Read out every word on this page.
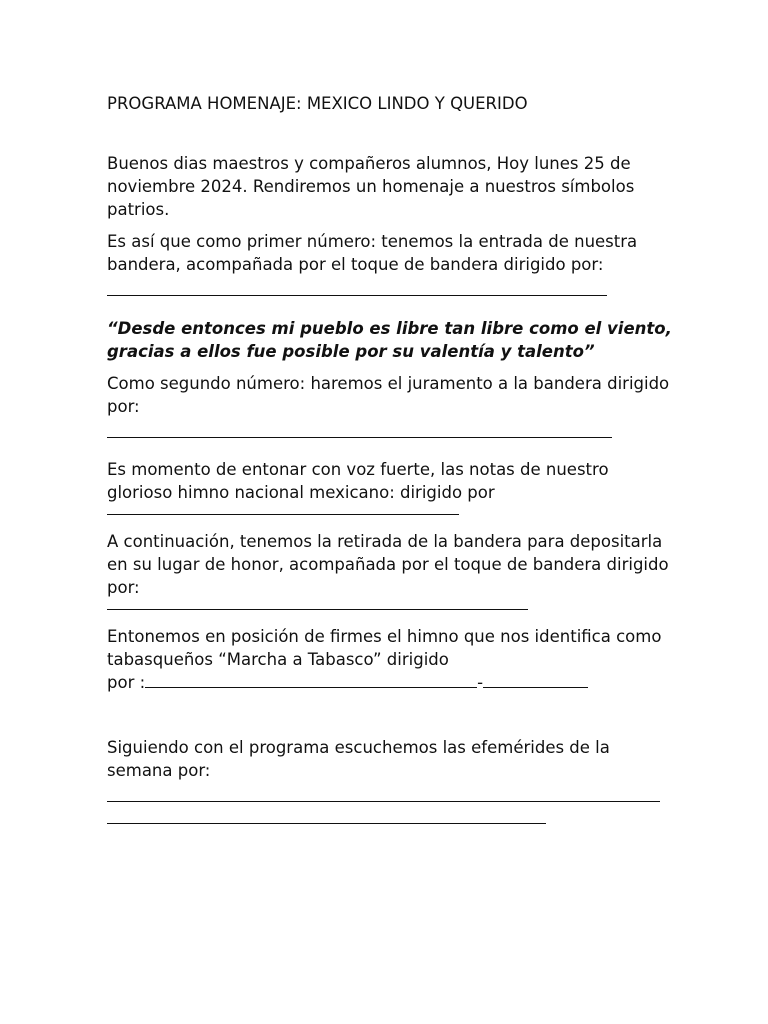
PROGRAMA HOMENAJE: MEXICO LINDO Y QUERIDO
Buenos dias maestros y compañeros alumnos, Hoy lunes 25 de noviembre 2024. Rendiremos un homenaje a nuestros símbolos patrios.
Es así que como primer número: tenemos la entrada de nuestra bandera, acompañada por el toque de bandera dirigido por:
“Desde entonces mi pueblo es libre tan libre como el viento, gracias a ellos fue posible por su valentía y talento”
Como segundo número: haremos el juramento a la bandera dirigido por:
Es momento de entonar con voz fuerte, las notas de nuestro glorioso himno nacional mexicano: dirigido por
A continuación, tenemos la retirada de la bandera para depositarla en su lugar de honor, acompañada por el toque de bandera dirigido por:
Entonemos en posición de firmes el himno que nos identifica como tabasqueños “Marcha a Tabasco” dirigido
por :	-
Siguiendo con el programa escuchemos las efemérides de la semana por:
